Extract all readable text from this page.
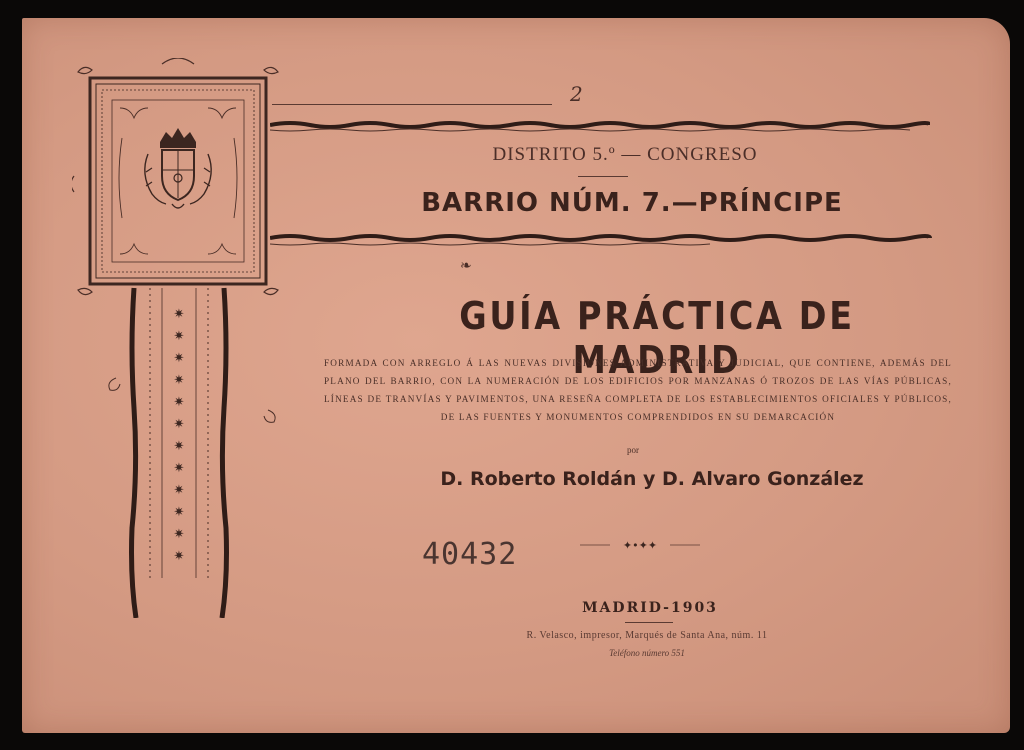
✷
✷
✷
✷
✷
✷
✷
✷
✷
✷
✷
✷
2
DISTRITO 5.º — CONGRESO
BARRIO NÚM. 7.—PRÍNCIPE
❧
GUÍA PRÁCTICA DE MADRID
FORMADA CON ARREGLO Á LAS NUEVAS DIVISIONES ADMINISTRATIVA Y JUDICIAL, QUE CONTIENE, ADEMÁS DEL PLANO DEL BARRIO, CON LA NUMERACIÓN DE LOS EDIFICIOS POR MANZANAS Ó TROZOS DE LAS VÍAS PÚBLICAS, LÍNEAS DE TRANVÍAS Y PAVIMENTOS, UNA RESEÑA COMPLETA DE LOS ESTABLECIMIENTOS OFICIALES Y PÚBLICOS, DE LAS FUENTES Y MONUMENTOS COMPRENDIDOS EN SU DEMARCACIÓN
por
D. Roberto Roldán y D. Alvaro González
40432	✦•✦✦
MADRID-1903
R. Velasco, impresor, Marqués de Santa Ana, núm. 11
Teléfono número 551
